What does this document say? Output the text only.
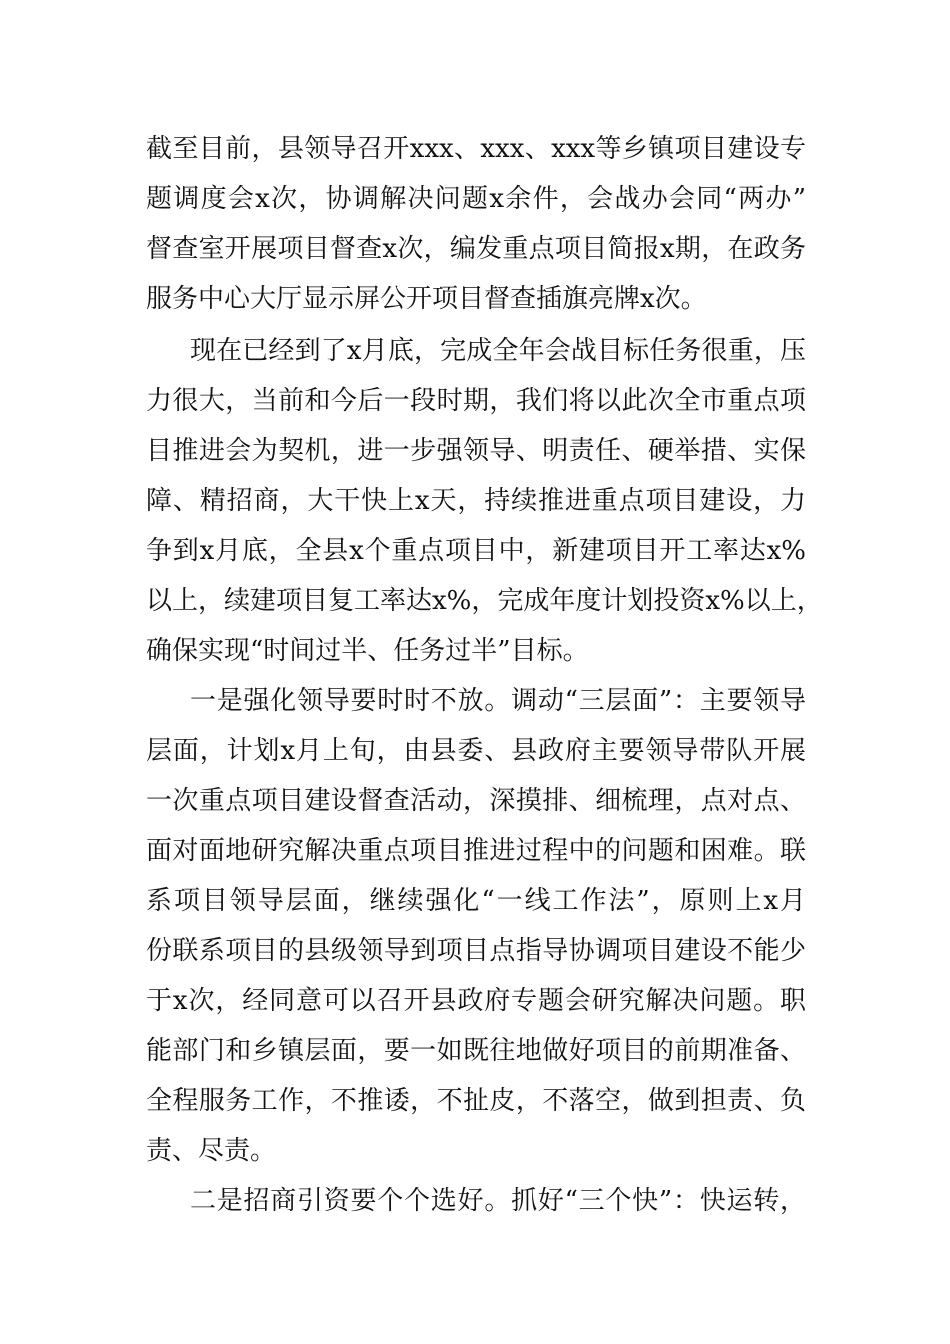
截至目前，县领导召开xxx、xxx、xxx等乡镇项目建设专
题调度会x次，协调解决问题x余件，会战办会同“两办”
督查室开展项目督查x次，编发重点项目简报x期，在政务
服务中心大厅显示屏公开项目督查插旗亮牌x次。
现在已经到了x月底，完成全年会战目标任务很重，压
力很大，当前和今后一段时期，我们将以此次全市重点项
目推进会为契机，进一步强领导、明责任、硬举措、实保
障、精招商，大干快上x天，持续推进重点项目建设，力
争到x月底，全县x个重点项目中，新建项目开工率达x%
以上，续建项目复工率达x%，完成年度计划投资x%以上，
确保实现“时间过半、任务过半”目标。
一是强化领导要时时不放。调动“三层面”：主要领导
层面，计划x月上旬，由县委、县政府主要领导带队开展
一次重点项目建设督查活动，深摸排、细梳理，点对点、
面对面地研究解决重点项目推进过程中的问题和困难。联
系项目领导层面，继续强化“一线工作法”，原则上x月
份联系项目的县级领导到项目点指导协调项目建设不能少
于x次，经同意可以召开县政府专题会研究解决问题。职
能部门和乡镇层面，要一如既往地做好项目的前期准备、
全程服务工作，不推诿，不扯皮，不落空，做到担责、负
责、尽责。
二是招商引资要个个选好。抓好“三个快”：快运转，
